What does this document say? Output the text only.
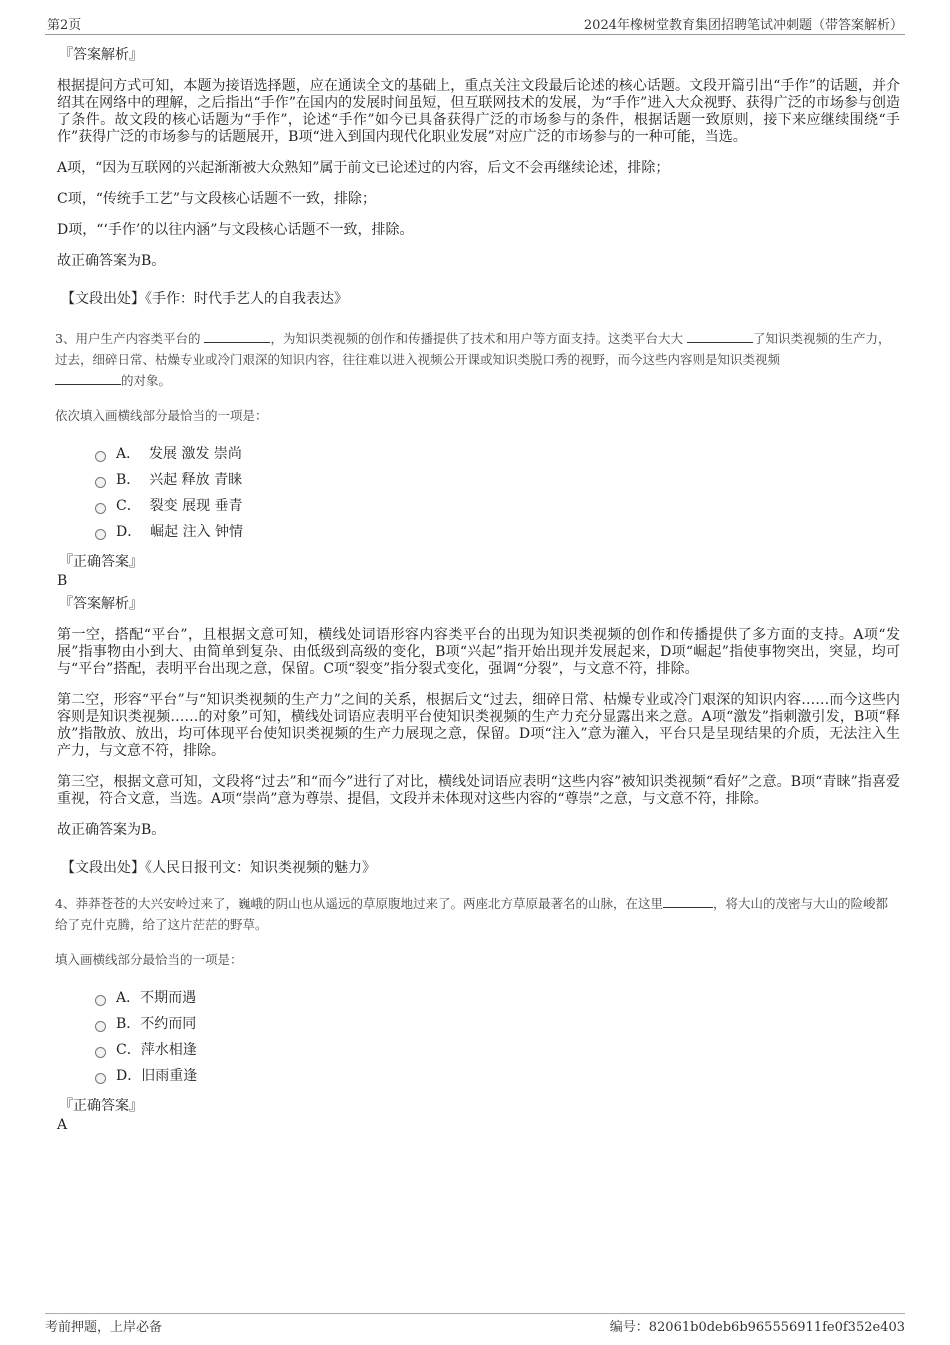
第2页	2024年橡树堂教育集团招聘笔试冲刺题（带答案解析）
『答案解析』
根据提问方式可知，本题为接语选择题，应在通读全文的基础上，重点关注文段最后论述的核心话题。文段开篇引出“手作”的话题，并介绍其在网络中的理解，之后指出“手作”在国内的发展时间虽短，但互联网技术的发展，为“手作”进入大众视野、获得广泛的市场参与创造了条件。故文段的核心话题为“手作”，论述“手作”如今已具备获得广泛的市场参与的条件，根据话题一致原则，接下来应继续围绕“手作”获得广泛的市场参与的话题展开，B项“进入到国内现代化职业发展”对应广泛的市场参与的一种可能，当选。
A项，“因为互联网的兴起渐渐被大众熟知”属于前文已论述过的内容，后文不会再继续论述，排除；
C项，“传统手工艺”与文段核心话题不一致，排除；
D项，“‘手作’的以往内涵”与文段核心话题不一致，排除。
故正确答案为B。
【文段出处】《手作：时代手艺人的自我表达》
3、用户生产内容类平台的	，为知识类视频的创作和传播提供了技术和用户等方面支持。这类平台大大	了知识类视频的生产力，过去，细碎日常、枯燥专业或冷门艰深的知识内容，往往难以进入视频公开课或知识类脱口秀的视野，而今这些内容则是知识类视频
的对象。
依次填入画横线部分最恰当的一项是：
A．
发展 激发 崇尚
B．
兴起 释放 青睐
C．
裂变 展现 垂青
D．
崛起 注入 钟情
『正确答案』
B
『答案解析』
第一空，搭配“平台”，且根据文意可知，横线处词语形容内容类平台的出现为知识类视频的创作和传播提供了多方面的支持。A项“发展”指事物由小到大、由简单到复杂、由低级到高级的变化，B项“兴起”指开始出现并发展起来，D项“崛起”指使事物突出，突显，均可与“平台”搭配，表明平台出现之意，保留。C项“裂变”指分裂式变化，强调“分裂”，与文意不符，排除。
第二空，形容“平台”与“知识类视频的生产力”之间的关系，根据后文“过去，细碎日常、枯燥专业或冷门艰深的知识内容……而今这些内容则是知识类视频……的对象”可知，横线处词语应表明平台使知识类视频的生产力充分显露出来之意。A项“激发”指刺激引发，B项“释放”指散放、放出，均可体现平台使知识类视频的生产力展现之意，保留。D项“注入”意为灌入，平台只是呈现结果的介质，无法注入生产力，与文意不符，排除。
第三空，根据文意可知，文段将“过去”和“而今”进行了对比，横线处词语应表明“这些内容”被知识类视频“看好”之意。B项“青睐”指喜爱重视，符合文意，当选。A项“崇尚”意为尊崇、提倡，文段并未体现对这些内容的“尊崇”之意，与文意不符，排除。
故正确答案为B。
【文段出处】《人民日报刊文：知识类视频的魅力》
4、莽莽苍苍的大兴安岭过来了，巍峨的阴山也从遥远的草原腹地过来了。两座北方草原最著名的山脉，在这里	，将大山的茂密与大山的险峻都给了克什克腾，给了这片茫茫的野草。
填入画横线部分最恰当的一项是：
A． 不期而遇
B． 不约而同
C． 萍水相逢
D． 旧雨重逢
『正确答案』
A
考前押题，上岸必备	编号：82061b0deb6b965556911fe0f352e403
